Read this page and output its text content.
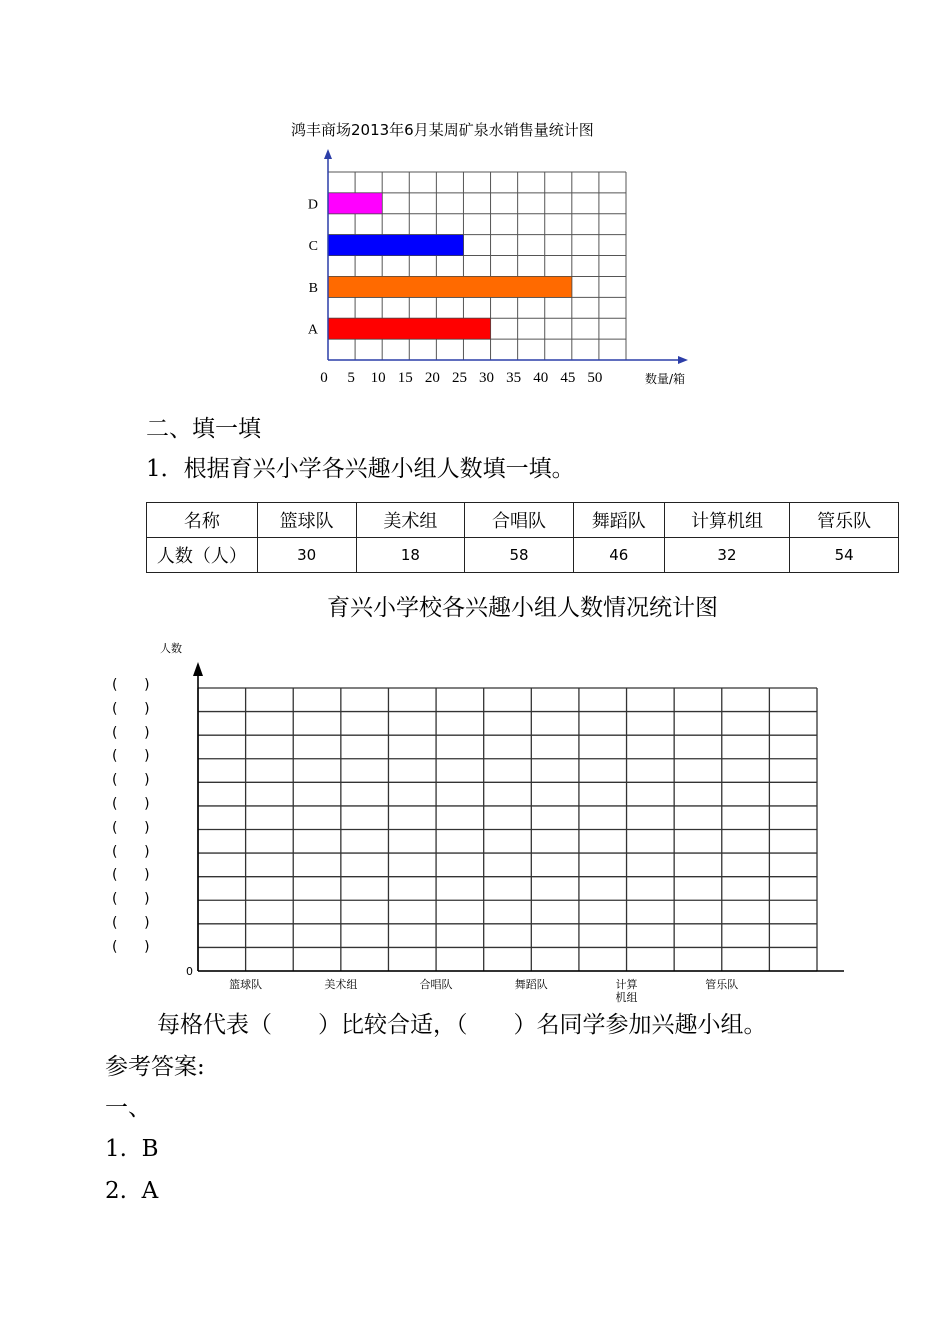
鸿丰商场2013年6月某周矿泉水销售量统计图
A
B
C
D
0 5 10 15 20 25 30 35 40 45 50	数量/箱
二、填一填
1．根据育兴小学各兴趣小组人数填一填。
名称	篮球队	美术组	合唱队	舞蹈队	计算机组	管乐队
人数（人）	30	18	58	46	32	54
育兴小学校各兴趣小组人数情况统计图
人数
0
(      )
(      )
(      )
(      )
(      )
(      )
(      )
(      )
(      )
(      )
(      )
(      )
篮球队	美术组	合唱队	舞蹈队	计算
机组
管乐队
每格代表（　　）比较合适，（　　）名同学参加兴趣小组。
参考答案:
一、
1.  B
2.  A
